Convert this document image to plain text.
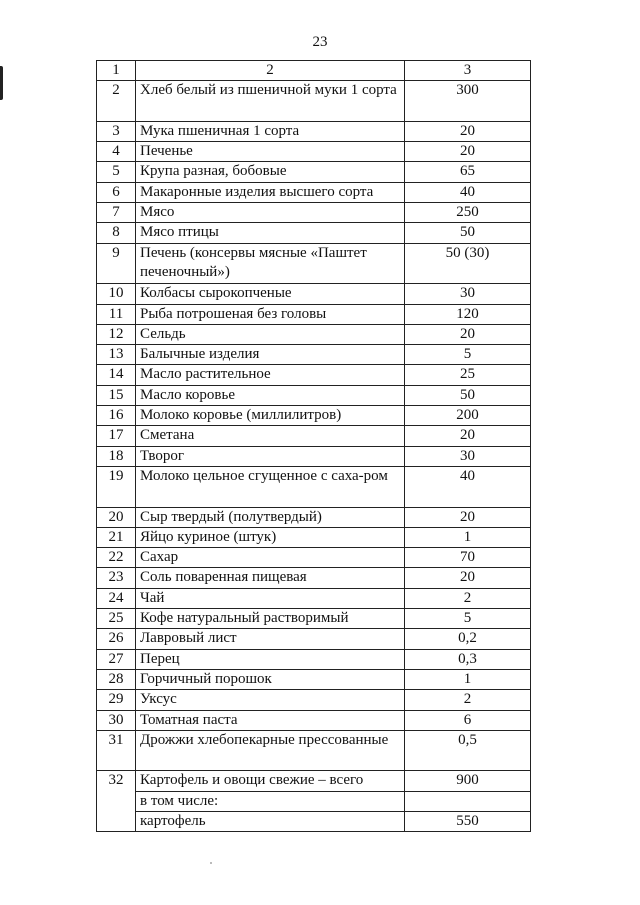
23
1	2	3
2	Хлеб белый из пшеничной муки 1 сорта	300
3	Мука пшеничная 1 сорта	20
4	Печенье	20
5	Крупа разная, бобовые	65
6	Макаронные изделия высшего сорта	40
7	Мясо	250
8	Мясо птицы	50
9	Печень (консервы мясные «Паштет печеночный»)	50 (30)
10	Колбасы сырокопченые	30
11	Рыба потрошеная без головы	120
12	Сельдь	20
13	Балычные изделия	5
14	Масло растительное	25
15	Масло коровье	50
16	Молоко коровье (миллилитров)	200
17	Сметана	20
18	Творог	30
19	Молоко цельное сгущенное с саха-ром	40
20	Сыр твердый (полутвердый)	20
21	Яйцо куриное (штук)	1
22	Сахар	70
23	Соль поваренная пищевая	20
24	Чай	2
25	Кофе натуральный растворимый	5
26	Лавровый лист	0,2
27	Перец	0,3
28	Горчичный порошок	1
29	Уксус	2
30	Томатная паста	6
31	Дрожжи хлебопекарные прессованные	0,5
32	Картофель и овощи свежие – всего	900
	в том числе:	
	картофель	550
